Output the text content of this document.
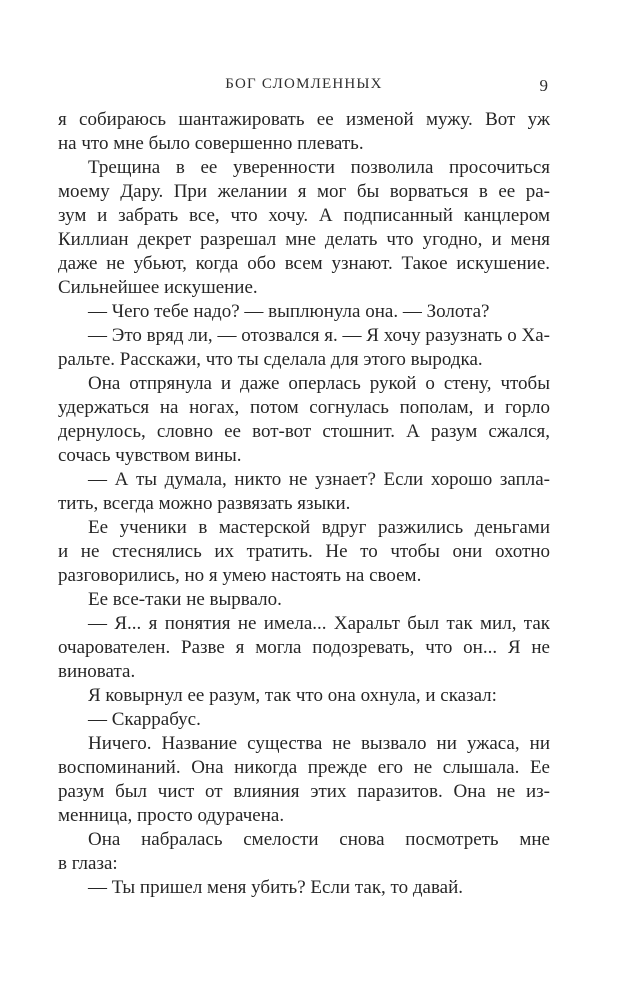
БОГ СЛОМЛЕННЫХ	9
я собираюсь шантажировать ее изменой мужу. Вот уж
на что мне было совершенно плевать.
Трещина в ее уверенности позволила просочиться
моему Дару. При желании я мог бы ворваться в ее ра-
зум и забрать все, что хочу. А подписанный канцлером
Киллиан декрет разрешал мне делать что угодно, и меня
даже не убьют, когда обо всем узнают. Такое искушение.
Сильнейшее искушение.
— Чего тебе надо? — выплюнула она. — Золота?
— Это вряд ли, — отозвался я. — Я хочу разузнать о Ха-
ральте. Расскажи, что ты сделала для этого выродка.
Она отпрянула и даже оперлась рукой о стену, чтобы
удержаться на ногах, потом согнулась пополам, и горло
дернулось, словно ее вот-вот стошнит. А разум сжался,
сочась чувством вины.
— А ты думала, никто не узнает? Если хорошо запла-
тить, всегда можно развязать языки.
Ее ученики в мастерской вдруг разжились деньгами
и не стеснялись их тратить. Не то чтобы они охотно
разговорились, но я умею настоять на своем.
Ее все-таки не вырвало.
— Я... я понятия не имела... Харальт был так мил, так
очарователен. Разве я могла подозревать, что он... Я не
виновата.
Я ковырнул ее разум, так что она охнула, и сказал:
— Скаррабус.
Ничего. Название существа не вызвало ни ужаса, ни
воспоминаний. Она никогда прежде его не слышала. Ее
разум был чист от влияния этих паразитов. Она не из-
менница, просто одурачена.
Она набралась смелости снова посмотреть мне
в глаза:
— Ты пришел меня убить? Если так, то давай.
